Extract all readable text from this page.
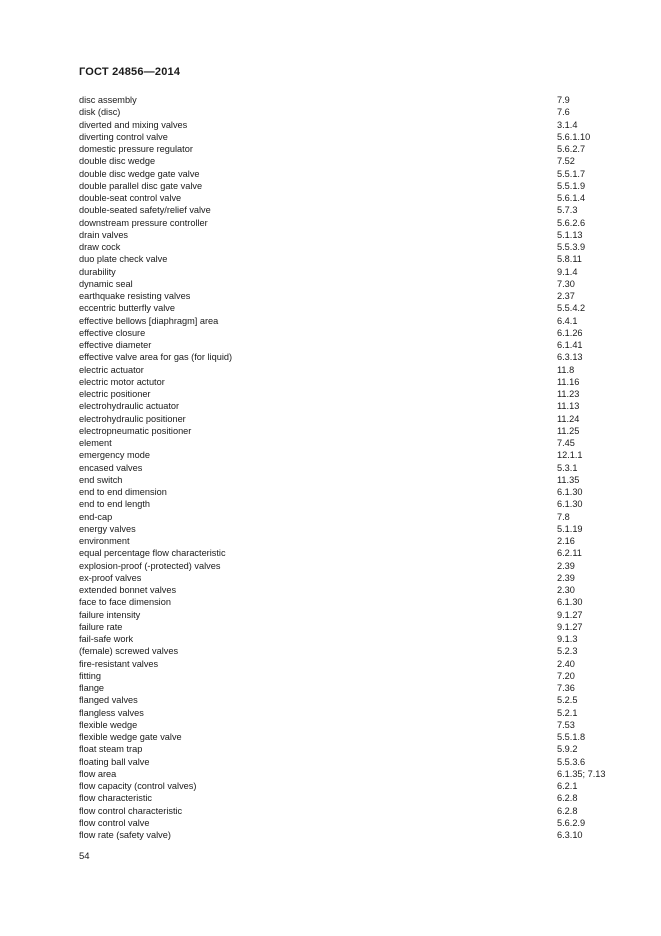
ГОСТ 24856—2014
disc assembly	7.9
disk (disc)	7.6
diverted and mixing valves	3.1.4
diverting control valve	5.6.1.10
domestic pressure regulator	5.6.2.7
double disc wedge	7.52
double disc wedge gate valve	5.5.1.7
double parallel disc gate valve	5.5.1.9
double-seat control valve	5.6.1.4
double-seated safety/relief valve	5.7.3
downstream pressure controller	5.6.2.6
drain valves	5.1.13
draw cock	5.5.3.9
duo plate check valve	5.8.11
durability	9.1.4
dynamic seal	7.30
earthquake resisting valves	2.37
eccentric butterfly valve	5.5.4.2
effective bellows [diaphragm] area	6.4.1
effective closure	6.1.26
effective diameter	6.1.41
effective valve area for gas (for liquid)	6.3.13
electric actuator	11.8
electric motor actutor	11.16
electric positioner	11.23
electrohydraulic actuator	11.13
electrohydraulic positioner	11.24
electropneumatic positioner	11.25
element	7.45
emergency mode	12.1.1
encased valves	5.3.1
end switch	11.35
end to end dimension	6.1.30
end to end length	6.1.30
end-cap	7.8
energy valves	5.1.19
environment	2.16
equal percentage flow characteristic	6.2.11
explosion-proof (-protected) valves	2.39
ex-proof valves	2.39
extended bonnet valves	2.30
face to face dimension	6.1.30
failure intensity	9.1.27
failure rate	9.1.27
fail-safe work	9.1.3
(female) screwed valves	5.2.3
fire-resistant valves	2.40
fitting	7.20
flange	7.36
flanged valves	5.2.5
flangless valves	5.2.1
flexible wedge	7.53
flexible wedge gate valve	5.5.1.8
float steam trap	5.9.2
floating ball valve	5.5.3.6
flow area	6.1.35; 7.13
flow capacity (control valves)	6.2.1
flow characteristic	6.2.8
flow control characteristic	6.2.8
flow control valve	5.6.2.9
flow rate (safety valve)	6.3.10
54
